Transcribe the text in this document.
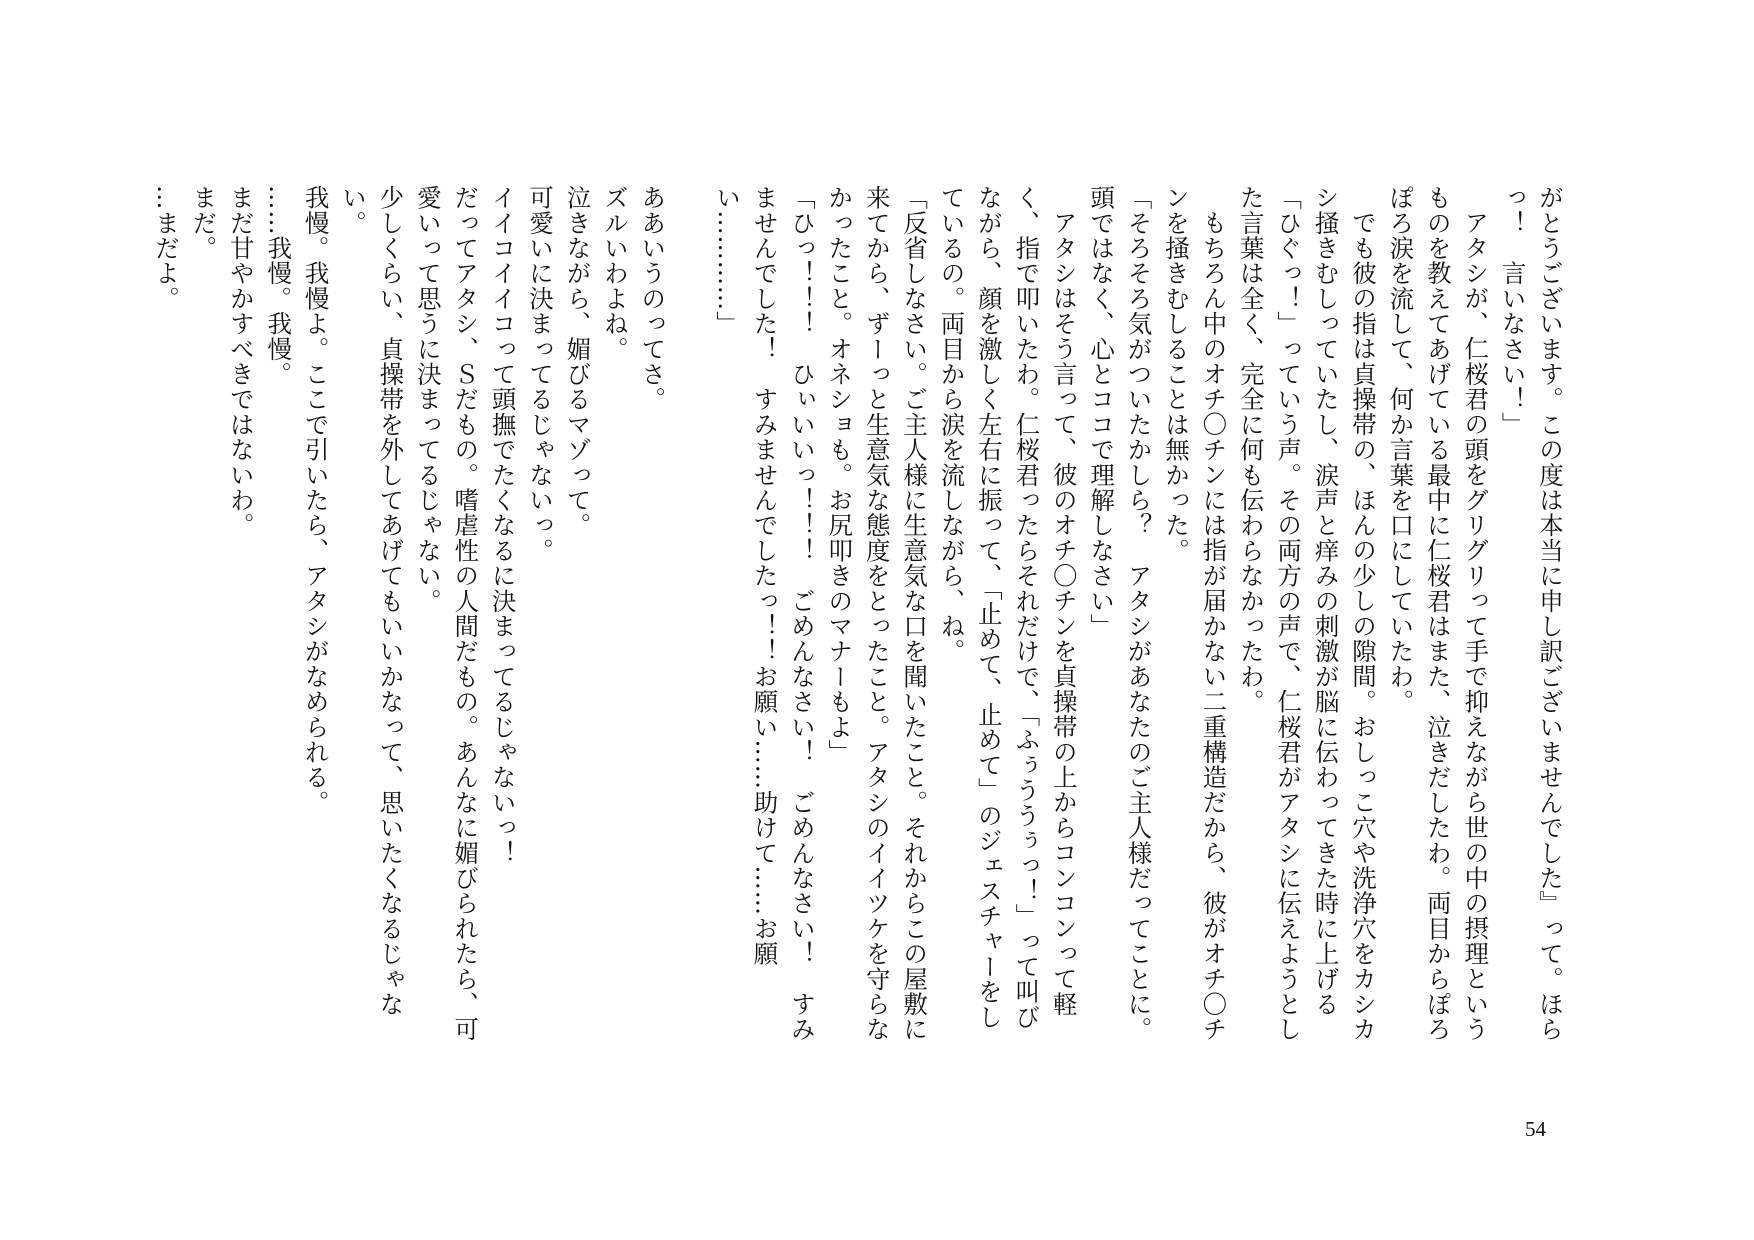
がとうございます。この度は本当に申し訳ございませんでした』って。ほらっ！　言いなさい！」
アタシが、仁桜君の頭をグリグリって手で抑えながら世の中の摂理というものを教えてあげている最中に仁桜君はまた、泣きだしたわ。両目からぽろぽろ涙を流して、何か言葉を口にしていたわ。
でも彼の指は貞操帯の、ほんの少しの隙間。おしっこ穴や洗浄穴をカシカシ掻きむしっていたし、涙声と痒みの刺激が脳に伝わってきた時に上げる「ひぐっ！」っていう声。その両方の声で、仁桜君がアタシに伝えようとした言葉は全く、完全に何も伝わらなかったわ。
もちろん中のオチ〇チンには指が届かない二重構造だから、彼がオチ〇チンを掻きむしることは無かった。
「そろそろ気がついたかしら？　アタシがあなたのご主人様だってことに。頭ではなく、心とココで理解しなさい」
アタシはそう言って、彼のオチ〇チンを貞操帯の上からコンコンって軽く、指で叩いたわ。仁桜君ったらそれだけで、「ふぅううぅっ！」って叫びながら、顔を激しく左右に振って、「止めて、止めて」のジェスチャーをしているの。両目から涙を流しながら、ね。
「反省しなさい。ご主人様に生意気な口を聞いたこと。それからこの屋敷に来てから、ずーっと生意気な態度をとったこと。アタシのイイツケを守らなかったこと。オネショも。お尻叩きのマナーもよ」
「ひっ！！！　ひぃいいっ！！！　ごめんなさい！　ごめんなさい！　すみませんでした！　すみませんでしたっ！！お願い……助けて……お願い…………」

ああいうのってさ。
ズルいわよね。
泣きながら、媚びるマゾって。
可愛いに決まってるじゃないっ。
イイコイイコって頭撫でたくなるに決まってるじゃないっ！
だってアタシ、Ｓだもの。嗜虐性の人間だもの。あんなに媚びられたら、可愛いって思うに決まってるじゃない。
少しくらい、貞操帯を外してあげてもいいかなって、思いたくなるじゃない。
我慢。我慢よ。ここで引いたら、アタシがなめられる。
……我慢。我慢。
まだ甘やかすべきではないわ。
まだ。
…まだよ。
54
